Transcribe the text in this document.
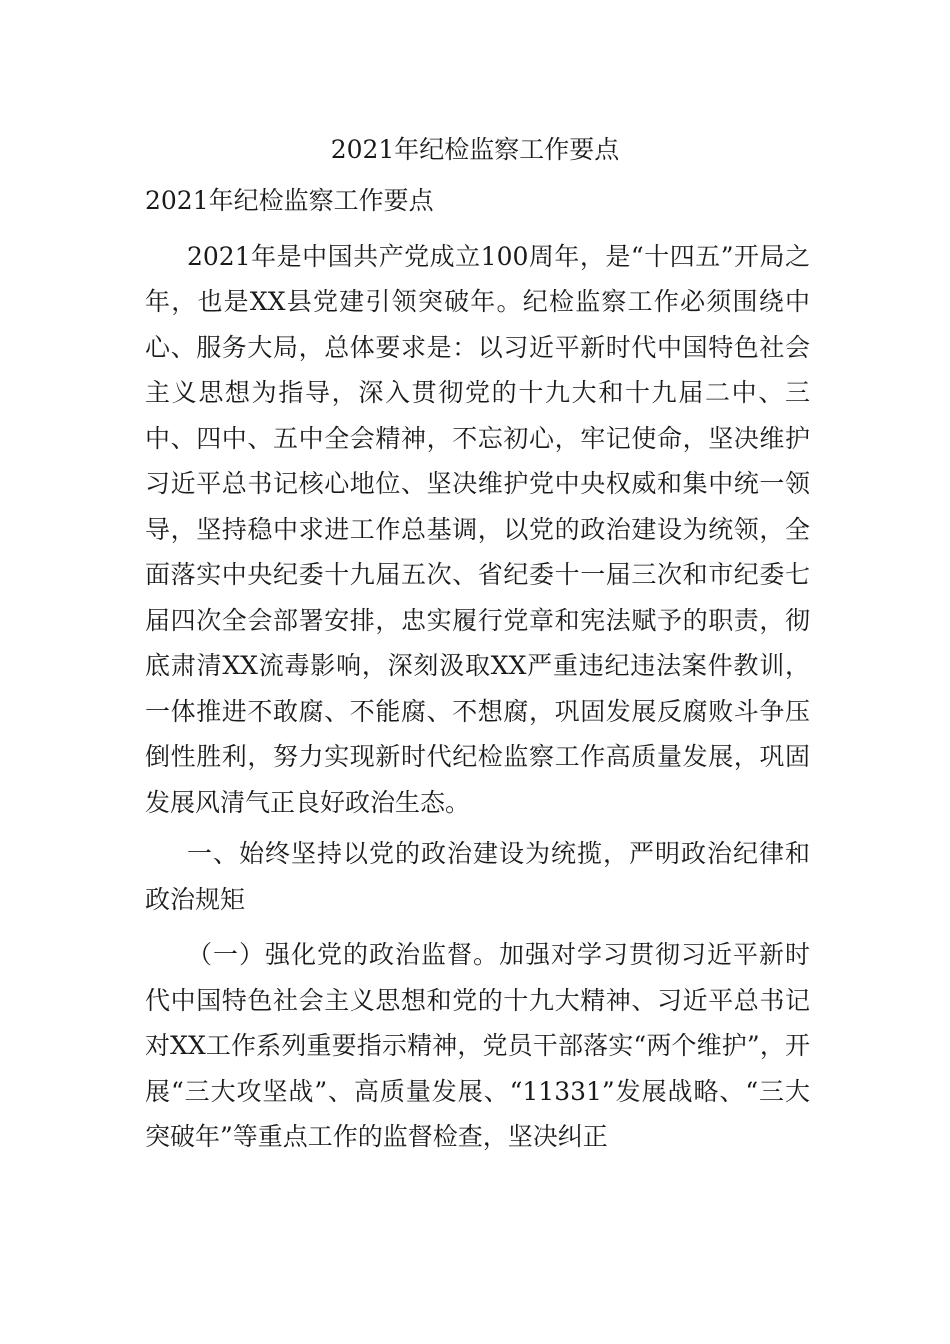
2021年纪检监察工作要点

2021年纪检监察工作要点

2021年是中国共产党成立100周年，是“十四五”开局之年，也是XX县党建引领突破年。纪检监察工作必须围绕中心、服务大局，总体要求是：以习近平新时代中国特色社会主义思想为指导，深入贯彻党的十九大和十九届二中、三中、四中、五中全会精神，不忘初心，牢记使命，坚决维护习近平总书记核心地位、坚决维护党中央权威和集中统一领导，坚持稳中求进工作总基调，以党的政治建设为统领，全面落实中央纪委十九届五次、省纪委十一届三次和市纪委七届四次全会部署安排，忠实履行党章和宪法赋予的职责，彻底肃清XX流毒影响，深刻汲取XX严重违纪违法案件教训，一体推进不敢腐、不能腐、不想腐，巩固发展反腐败斗争压倒性胜利，努力实现新时代纪检监察工作高质量发展，巩固发展风清气正良好政治生态。

一、始终坚持以党的政治建设为统揽，严明政治纪律和政治规矩

（一）强化党的政治监督。加强对学习贯彻习近平新时代中国特色社会主义思想和党的十九大精神、习近平总书记对XX工作系列重要指示精神，党员干部落实“两个维护”，开展“三大攻坚战”、高质量发展、“11331”发展战略、“三大突破年”等重点工作的监督检查，坚决纠正
